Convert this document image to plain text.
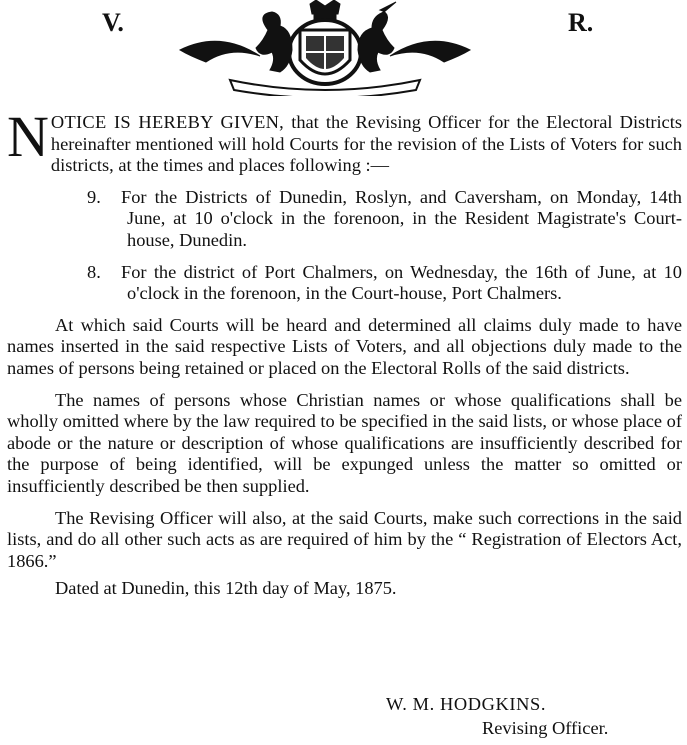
V.	R.

NOTICE IS HEREBY GIVEN, that the Revising Officer for the Electoral Districts hereinafter mentioned will hold Courts for the revision of the Lists of Voters for such districts, at the times and places following :—

9. For the Districts of Dunedin, Roslyn, and Caversham, on Monday, 14th June, at 10 o'clock in the forenoon, in the Resident Magistrate's Court-house, Dunedin.

8. For the district of Port Chalmers, on Wednesday, the 16th of June, at 10 o'clock in the forenoon, in the Court-house, Port Chalmers.

At which said Courts will be heard and determined all claims duly made to have names inserted in the said respective Lists of Voters, and all objections duly made to the names of persons being retained or placed on the Electoral Rolls of the said districts.

The names of persons whose Christian names or whose qualifications shall be wholly omitted where by the law required to be specified in the said lists, or whose place of abode or the nature or description of whose qualifications are insufficiently described for the purpose of being identified, will be expunged unless the matter so omitted or insufficiently described be then supplied.

The Revising Officer will also, at the said Courts, make such corrections in the said lists, and do all other such acts as are required of him by the “ Registration of Electors Act, 1866.”

Dated at Dunedin, this 12th day of May, 1875.

W. M. HODGKINS.
Revising Officer.
